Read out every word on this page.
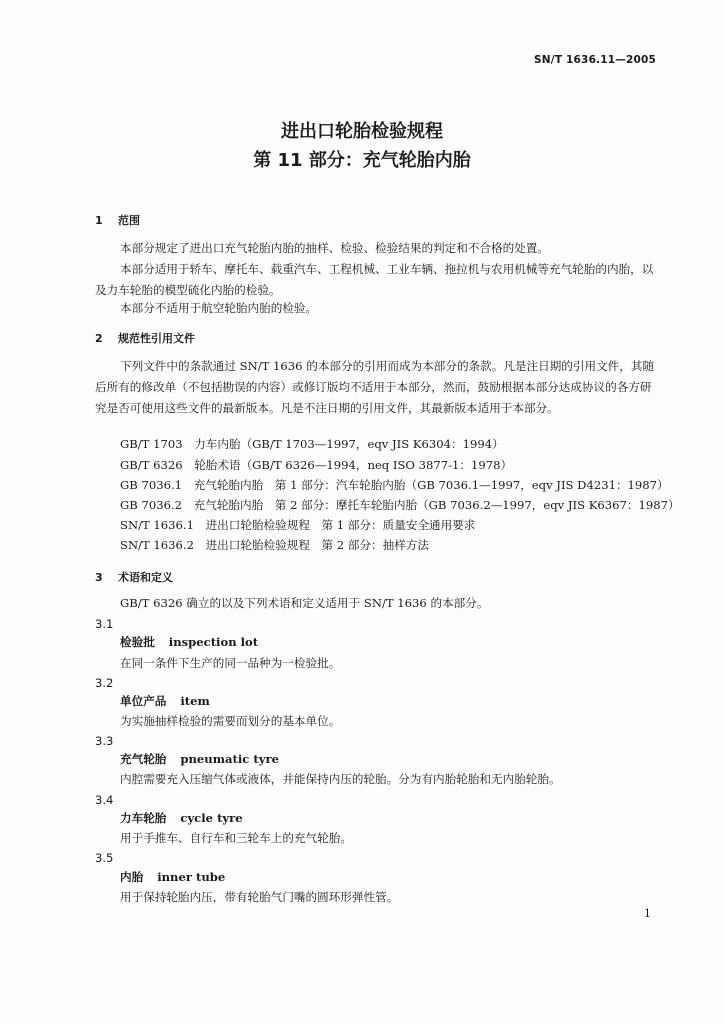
SN/T 1636.11—2005
进出口轮胎检验规程
第 11 部分：充气轮胎内胎
1 范围

本部分规定了进出口充气轮胎内胎的抽样、检验、检验结果的判定和不合格的处置。

本部分适用于轿车、摩托车、载重汽车、工程机械、工业车辆、拖拉机与农用机械等充气轮胎的内胎，以及力车轮胎的模型硫化内胎的检验。

本部分不适用于航空轮胎内胎的检验。

2 规范性引用文件

下列文件中的条款通过 SN/T 1636 的本部分的引用而成为本部分的条款。凡是注日期的引用文件，其随后所有的修改单（不包括勘误的内容）或修订版均不适用于本部分，然而，鼓励根据本部分达成协议的各方研究是否可使用这些文件的最新版本。凡是不注日期的引用文件，其最新版本适用于本部分。

GB/T 1703　力车内胎（GB/T 1703—1997，eqv JIS K6304：1994）
GB/T 6326　轮胎术语（GB/T 6326—1994，neq ISO 3877-1：1978）
GB 7036.1　充气轮胎内胎　第 1 部分：汽车轮胎内胎（GB 7036.1—1997，eqv JIS D4231：1987）
GB 7036.2　充气轮胎内胎　第 2 部分：摩托车轮胎内胎（GB 7036.2—1997，eqv JIS K6367：1987）
SN/T 1636.1　进出口轮胎检验规程　第 1 部分：质量安全通用要求
SN/T 1636.2　进出口轮胎检验规程　第 2 部分：抽样方法
3 术语和定义
GB/T 6326 确立的以及下列术语和定义适用于 SN/T 1636 的本部分。
3.1
检验批 inspection lot
在同一条件下生产的同一品种为一检验批。
3.2
单位产品 item
为实施抽样检验的需要而划分的基本单位。
3.3
充气轮胎 pneumatic tyre
内腔需要充入压缩气体或液体，并能保持内压的轮胎。分为有内胎轮胎和无内胎轮胎。
3.4
力车轮胎 cycle tyre
用于手推车、自行车和三轮车上的充气轮胎。
3.5
内胎 inner tube
用于保持轮胎内压，带有轮胎气门嘴的圆环形弹性管。
1
